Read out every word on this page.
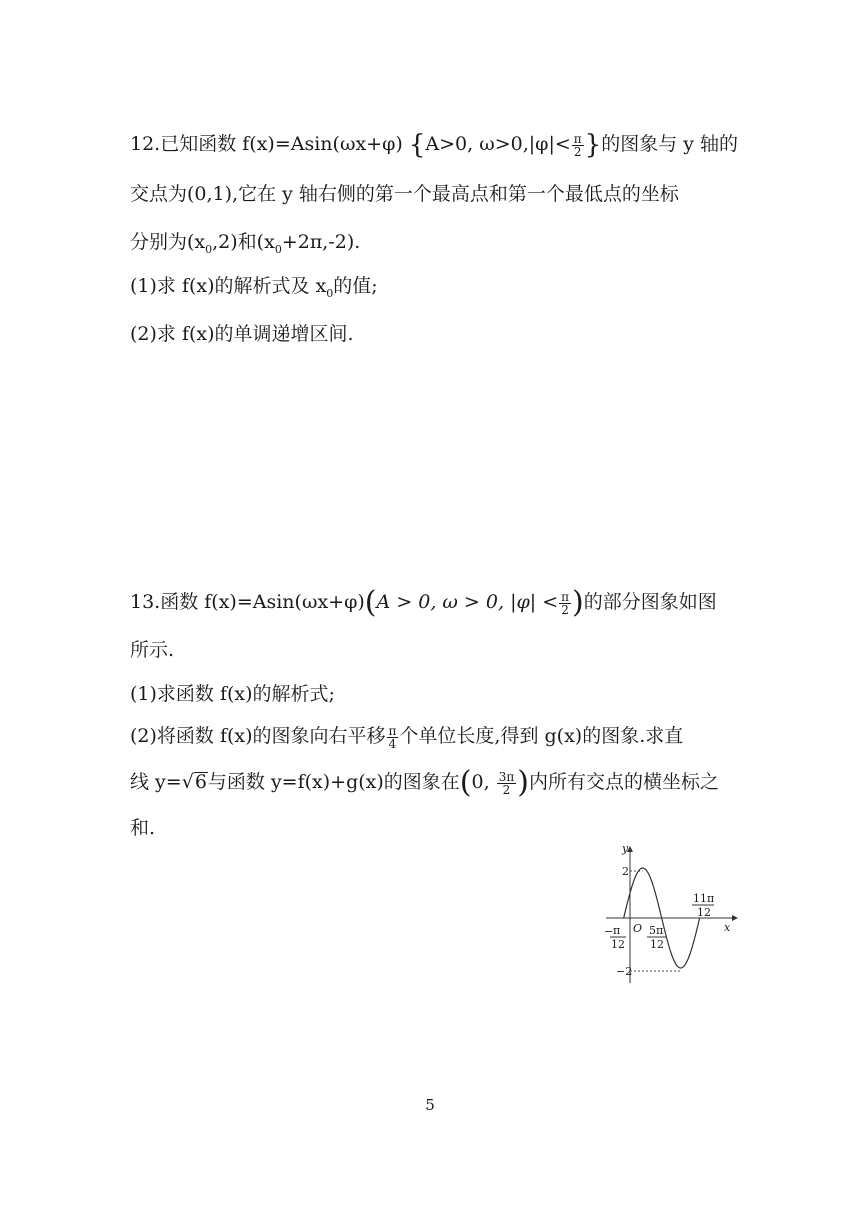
12.已知函数 f(x)=Asin(ωx+φ) {A>0, $\omega>0,|\varphi|< \frac{\pi}{2}$ }的图象与 y 轴的
交点为(0,1),它在 y 轴右侧的第一个最高点和第一个最低点的坐标
分别为$(x_0,2)$和$(x_0+2\pi,-2)$.
(1)求 f(x)的解析式及 $x_0$的值;
(2)求 f(x)的单调递增区间.
13.函数 f(x)=Asin(ωx+φ)(A > 0, ω > 0, $|\varphi| < \frac{\pi}{2}$ )的部分图象如图
所示.
(1)求函数 f(x)的解析式;
(2)将函数 f(x)的图象向右平移 $\frac{\pi}{4}$ 个单位长度,得到 g(x)的图象.求直
线 y=√6与函数 y=f(x)+g(x)的图象在(0, $\frac{3\pi}{2}$ )内所有交点的横坐标之
和.
y
x
O
2
−2
− π
12
5π
12
11π
12
5
